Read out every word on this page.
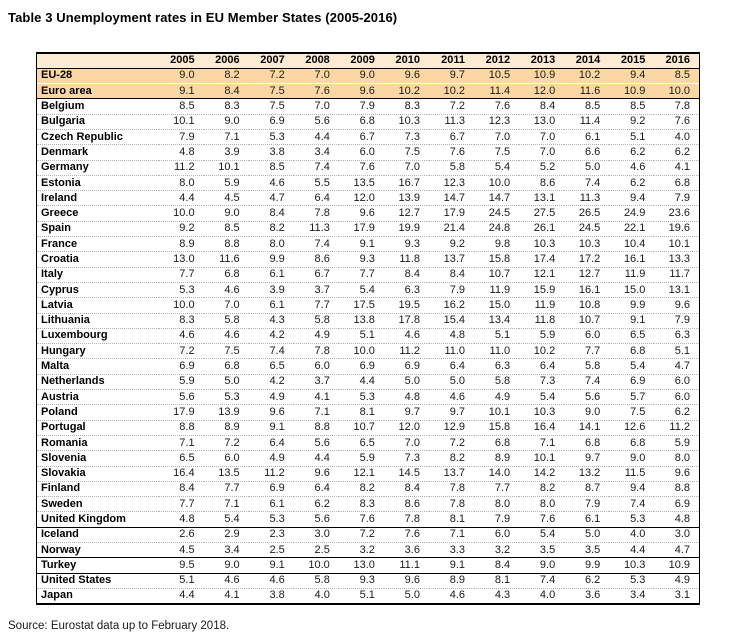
Table 3 Unemployment rates in EU Member States (2005-2016)
	2005	2006	2007	2008	2009	2010	2011	2012	2013	2014	2015	2016
EU-28	9.0	8.2	7.2	7.0	9.0	9.6	9.7	10.5	10.9	10.2	9.4	8.5
Euro area	9.1	8.4	7.5	7.6	9.6	10.2	10.2	11.4	12.0	11.6	10.9	10.0
Belgium	8.5	8.3	7.5	7.0	7.9	8.3	7.2	7.6	8.4	8.5	8.5	7.8
Bulgaria	10.1	9.0	6.9	5.6	6.8	10.3	11.3	12.3	13.0	11.4	9.2	7.6
Czech Republic	7.9	7.1	5.3	4.4	6.7	7.3	6.7	7.0	7.0	6.1	5.1	4.0
Denmark	4.8	3.9	3.8	3.4	6.0	7.5	7.6	7.5	7.0	6.6	6.2	6.2
Germany	11.2	10.1	8.5	7.4	7.6	7.0	5.8	5.4	5.2	5.0	4.6	4.1
Estonia	8.0	5.9	4.6	5.5	13.5	16.7	12.3	10.0	8.6	7.4	6.2	6.8
Ireland	4.4	4.5	4.7	6.4	12.0	13.9	14.7	14.7	13.1	11.3	9.4	7.9
Greece	10.0	9.0	8.4	7.8	9.6	12.7	17.9	24.5	27.5	26.5	24.9	23.6
Spain	9.2	8.5	8.2	11.3	17.9	19.9	21.4	24.8	26.1	24.5	22.1	19.6
France	8.9	8.8	8.0	7.4	9.1	9.3	9.2	9.8	10.3	10.3	10.4	10.1
Croatia	13.0	11.6	9.9	8.6	9.3	11.8	13.7	15.8	17.4	17.2	16.1	13.3
Italy	7.7	6.8	6.1	6.7	7.7	8.4	8.4	10.7	12.1	12.7	11.9	11.7
Cyprus	5.3	4.6	3.9	3.7	5.4	6.3	7.9	11.9	15.9	16.1	15.0	13.1
Latvia	10.0	7.0	6.1	7.7	17.5	19.5	16.2	15.0	11.9	10.8	9.9	9.6
Lithuania	8.3	5.8	4.3	5.8	13.8	17.8	15.4	13.4	11.8	10.7	9.1	7.9
Luxembourg	4.6	4.6	4.2	4.9	5.1	4.6	4.8	5.1	5.9	6.0	6.5	6.3
Hungary	7.2	7.5	7.4	7.8	10.0	11.2	11.0	11.0	10.2	7.7	6.8	5.1
Malta	6.9	6.8	6.5	6.0	6.9	6.9	6.4	6.3	6.4	5.8	5.4	4.7
Netherlands	5.9	5.0	4.2	3.7	4.4	5.0	5.0	5.8	7.3	7.4	6.9	6.0
Austria	5.6	5.3	4.9	4.1	5.3	4.8	4.6	4.9	5.4	5.6	5.7	6.0
Poland	17.9	13.9	9.6	7.1	8.1	9.7	9.7	10.1	10.3	9.0	7.5	6.2
Portugal	8.8	8.9	9.1	8.8	10.7	12.0	12.9	15.8	16.4	14.1	12.6	11.2
Romania	7.1	7.2	6.4	5.6	6.5	7.0	7.2	6.8	7.1	6.8	6.8	5.9
Slovenia	6.5	6.0	4.9	4.4	5.9	7.3	8.2	8.9	10.1	9.7	9.0	8.0
Slovakia	16.4	13.5	11.2	9.6	12.1	14.5	13.7	14.0	14.2	13.2	11.5	9.6
Finland	8.4	7.7	6.9	6.4	8.2	8.4	7.8	7.7	8.2	8.7	9.4	8.8
Sweden	7.7	7.1	6.1	6.2	8.3	8.6	7.8	8.0	8.0	7.9	7.4	6.9
United Kingdom	4.8	5.4	5.3	5.6	7.6	7.8	8.1	7.9	7.6	6.1	5.3	4.8
Iceland	2.6	2.9	2.3	3.0	7.2	7.6	7.1	6.0	5.4	5.0	4.0	3.0
Norway	4.5	3.4	2.5	2.5	3.2	3.6	3.3	3.2	3.5	3.5	4.4	4.7
Turkey	9.5	9.0	9.1	10.0	13.0	11.1	9.1	8.4	9.0	9.9	10.3	10.9
United States	5.1	4.6	4.6	5.8	9.3	9.6	8.9	8.1	7.4	6.2	5.3	4.9
Japan	4.4	4.1	3.8	4.0	5.1	5.0	4.6	4.3	4.0	3.6	3.4	3.1
Source: Eurostat data up to February 2018.
